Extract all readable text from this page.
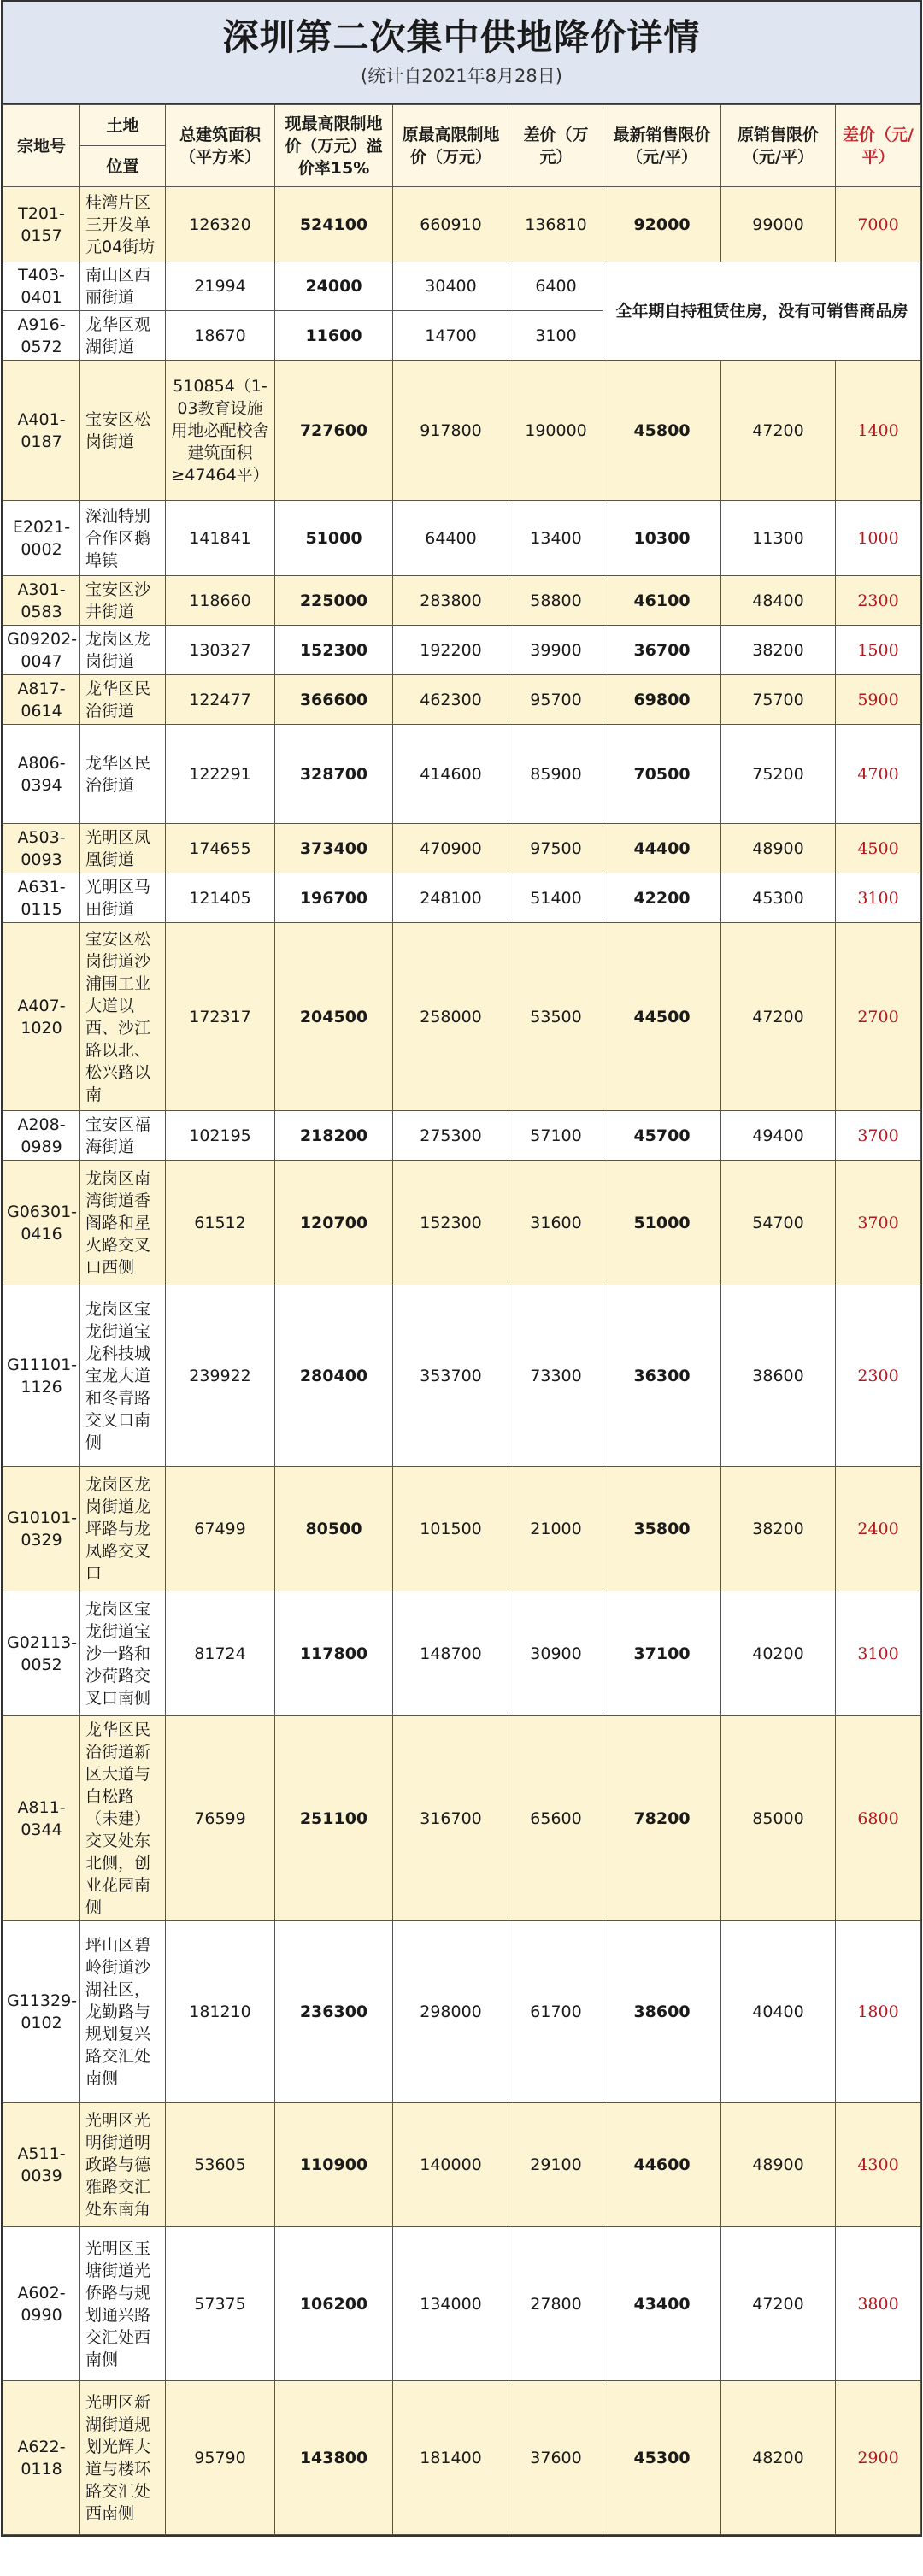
深圳第二次集中供地降价详情
(统计自2021年8月28日)
宗地号	土地	总建筑面积（平方米）	现最高限制地价（万元）溢价率15%	原最高限制地价（万元）	差价（万元）	最新销售限价（元/平）	原销售限价（元/平）	差价（元/平）
	位置							
T201-0157	桂湾片区三开发单元04街坊	126320	524100	660910	136810	92000	99000	7000
T403-0401	南山区西丽街道	21994	24000	30400	6400	全年期自持租赁住房，没有可销售商品房		
A916-0572	龙华区观湖街道	18670	11600	14700	3100			
A401-0187	宝安区松岗街道	510854（1-03教育设施用地必配校舍建筑面积≥47464平）	727600	917800	190000	45800	47200	1400
E2021-0002	深汕特别合作区鹅埠镇	141841	51000	64400	13400	10300	11300	1000
A301-0583	宝安区沙井街道	118660	225000	283800	58800	46100	48400	2300
G09202-0047	龙岗区龙岗街道	130327	152300	192200	39900	36700	38200	1500
A817-0614	龙华区民治街道	122477	366600	462300	95700	69800	75700	5900
A806-0394	龙华区民治街道	122291	328700	414600	85900	70500	75200	4700
A503-0093	光明区凤凰街道	174655	373400	470900	97500	44400	48900	4500
A631-0115	光明区马田街道	121405	196700	248100	51400	42200	45300	3100
A407-1020	宝安区松岗街道沙浦围工业大道以西、沙江路以北、松兴路以南	172317	204500	258000	53500	44500	47200	2700
A208-0989	宝安区福海街道	102195	218200	275300	57100	45700	49400	3700
G06301-0416	龙岗区南湾街道香阁路和星火路交叉口西侧	61512	120700	152300	31600	51000	54700	3700
G11101-1126	龙岗区宝龙街道宝龙科技城宝龙大道和冬青路交叉口南侧	239922	280400	353700	73300	36300	38600	2300
G10101-0329	龙岗区龙岗街道龙坪路与龙凤路交叉口	67499	80500	101500	21000	35800	38200	2400
G02113-0052	龙岗区宝龙街道宝沙一路和沙荷路交叉口南侧	81724	117800	148700	30900	37100	40200	3100
A811-0344	龙华区民治街道新区大道与白松路（未建）交叉处东北侧，创业花园南侧	76599	251100	316700	65600	78200	85000	6800
G11329-0102	坪山区碧岭街道沙湖社区，龙勤路与规划复兴路交汇处南侧	181210	236300	298000	61700	38600	40400	1800
A511-0039	光明区光明街道明政路与德雅路交汇处东南角	53605	110900	140000	29100	44600	48900	4300
A602-0990	光明区玉塘街道光侨路与规划通兴路交汇处西南侧	57375	106200	134000	27800	43400	47200	3800
A622-0118	光明区新湖街道规划光辉大道与楼环路交汇处西南侧	95790	143800	181400	37600	45300	48200	2900
